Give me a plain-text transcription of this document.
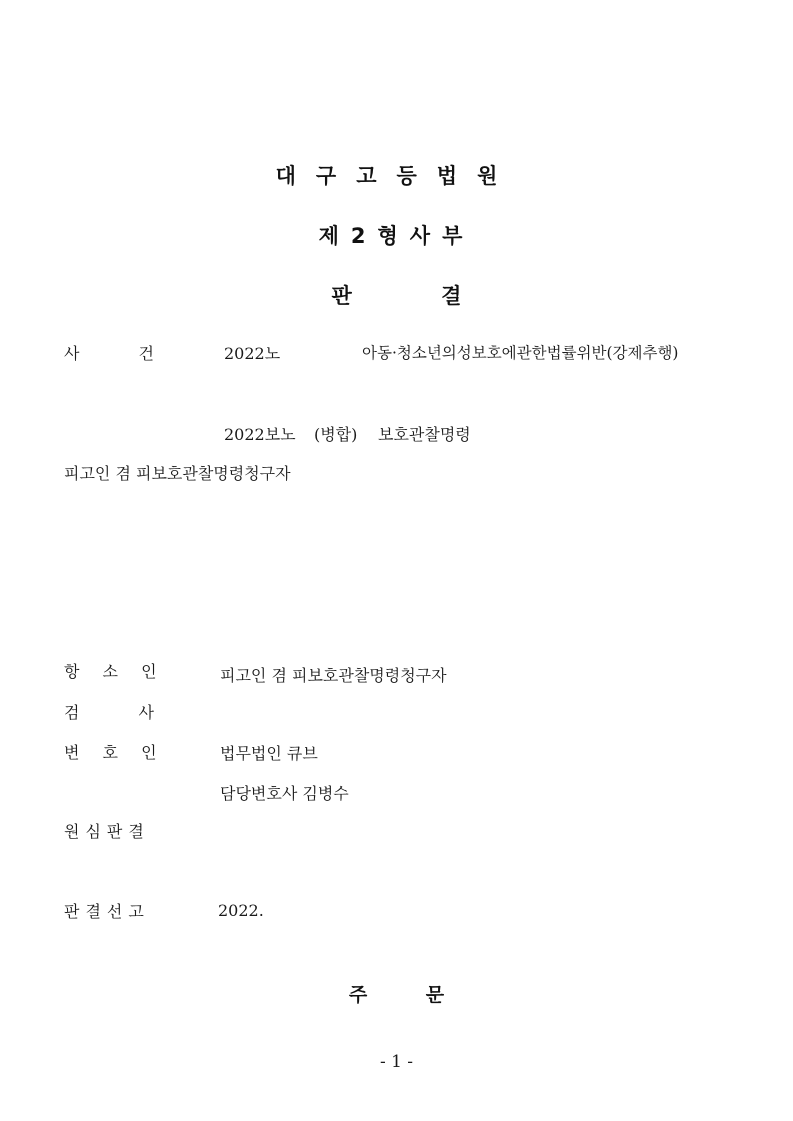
대구고등법원
제2형사부
판 결
사 건	2022노	아동·청소년의성보호에관한법률위반(강제추행)
2022보노 (병합) 보호관찰명령
피고인 겸 피보호관찰명령청구자
항 소 인	피고인 겸 피보호관찰명령청구자
검 사
변 호 인	법무법인 큐브
담당변호사 김병수
원심판결
판결선고	2022.
주 문
- 1 -
